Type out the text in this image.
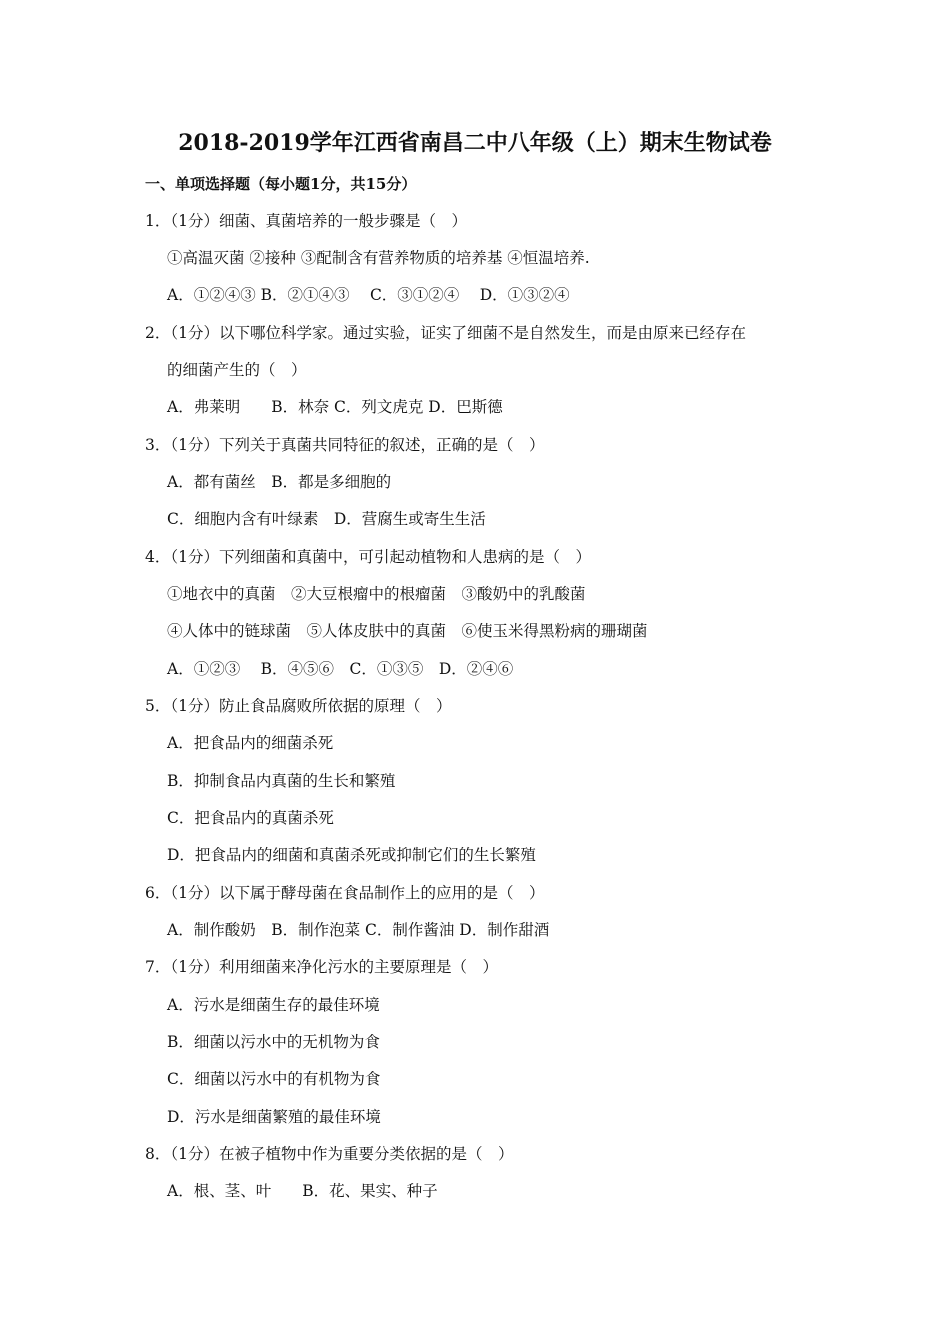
2018-2019学年江西省南昌二中八年级（上）期末生物试卷
一、单项选择题（每小题1分，共15分）
1．（1分）细菌、真菌培养的一般步骤是（　）
①高温灭菌 ②接种 ③配制含有营养物质的培养基 ④恒温培养.
A．①②④③ B．②①④③　 C．③①②④　 D．①③②④
2．（1分）以下哪位科学家。通过实验，证实了细菌不是自然发生，而是由原来已经存在
的细菌产生的（　）
A．弗莱明　　B．林奈 C．列文虎克 D．巴斯德
3．（1分）下列关于真菌共同特征的叙述，正确的是（　）
A．都有菌丝　B．都是多细胞的
C．细胞内含有叶绿素　D．营腐生或寄生生活
4．（1分）下列细菌和真菌中，可引起动植物和人患病的是（　）
①地衣中的真菌　②大豆根瘤中的根瘤菌　③酸奶中的乳酸菌
④人体中的链球菌　⑤人体皮肤中的真菌　⑥使玉米得黑粉病的珊瑚菌
A．①②③　 B．④⑤⑥　C．①③⑤　D．②④⑥
5．（1分）防止食品腐败所依据的原理（　）
A．把食品内的细菌杀死
B．抑制食品内真菌的生长和繁殖
C．把食品内的真菌杀死
D．把食品内的细菌和真菌杀死或抑制它们的生长繁殖
6．（1分）以下属于酵母菌在食品制作上的应用的是（　）
A．制作酸奶　B．制作泡菜 C．制作酱油 D．制作甜酒
7．（1分）利用细菌来净化污水的主要原理是（　）
A．污水是细菌生存的最佳环境
B．细菌以污水中的无机物为食
C．细菌以污水中的有机物为食
D．污水是细菌繁殖的最佳环境
8．（1分）在被子植物中作为重要分类依据的是（　）
A．根、茎、叶　　B．花、果实、种子
